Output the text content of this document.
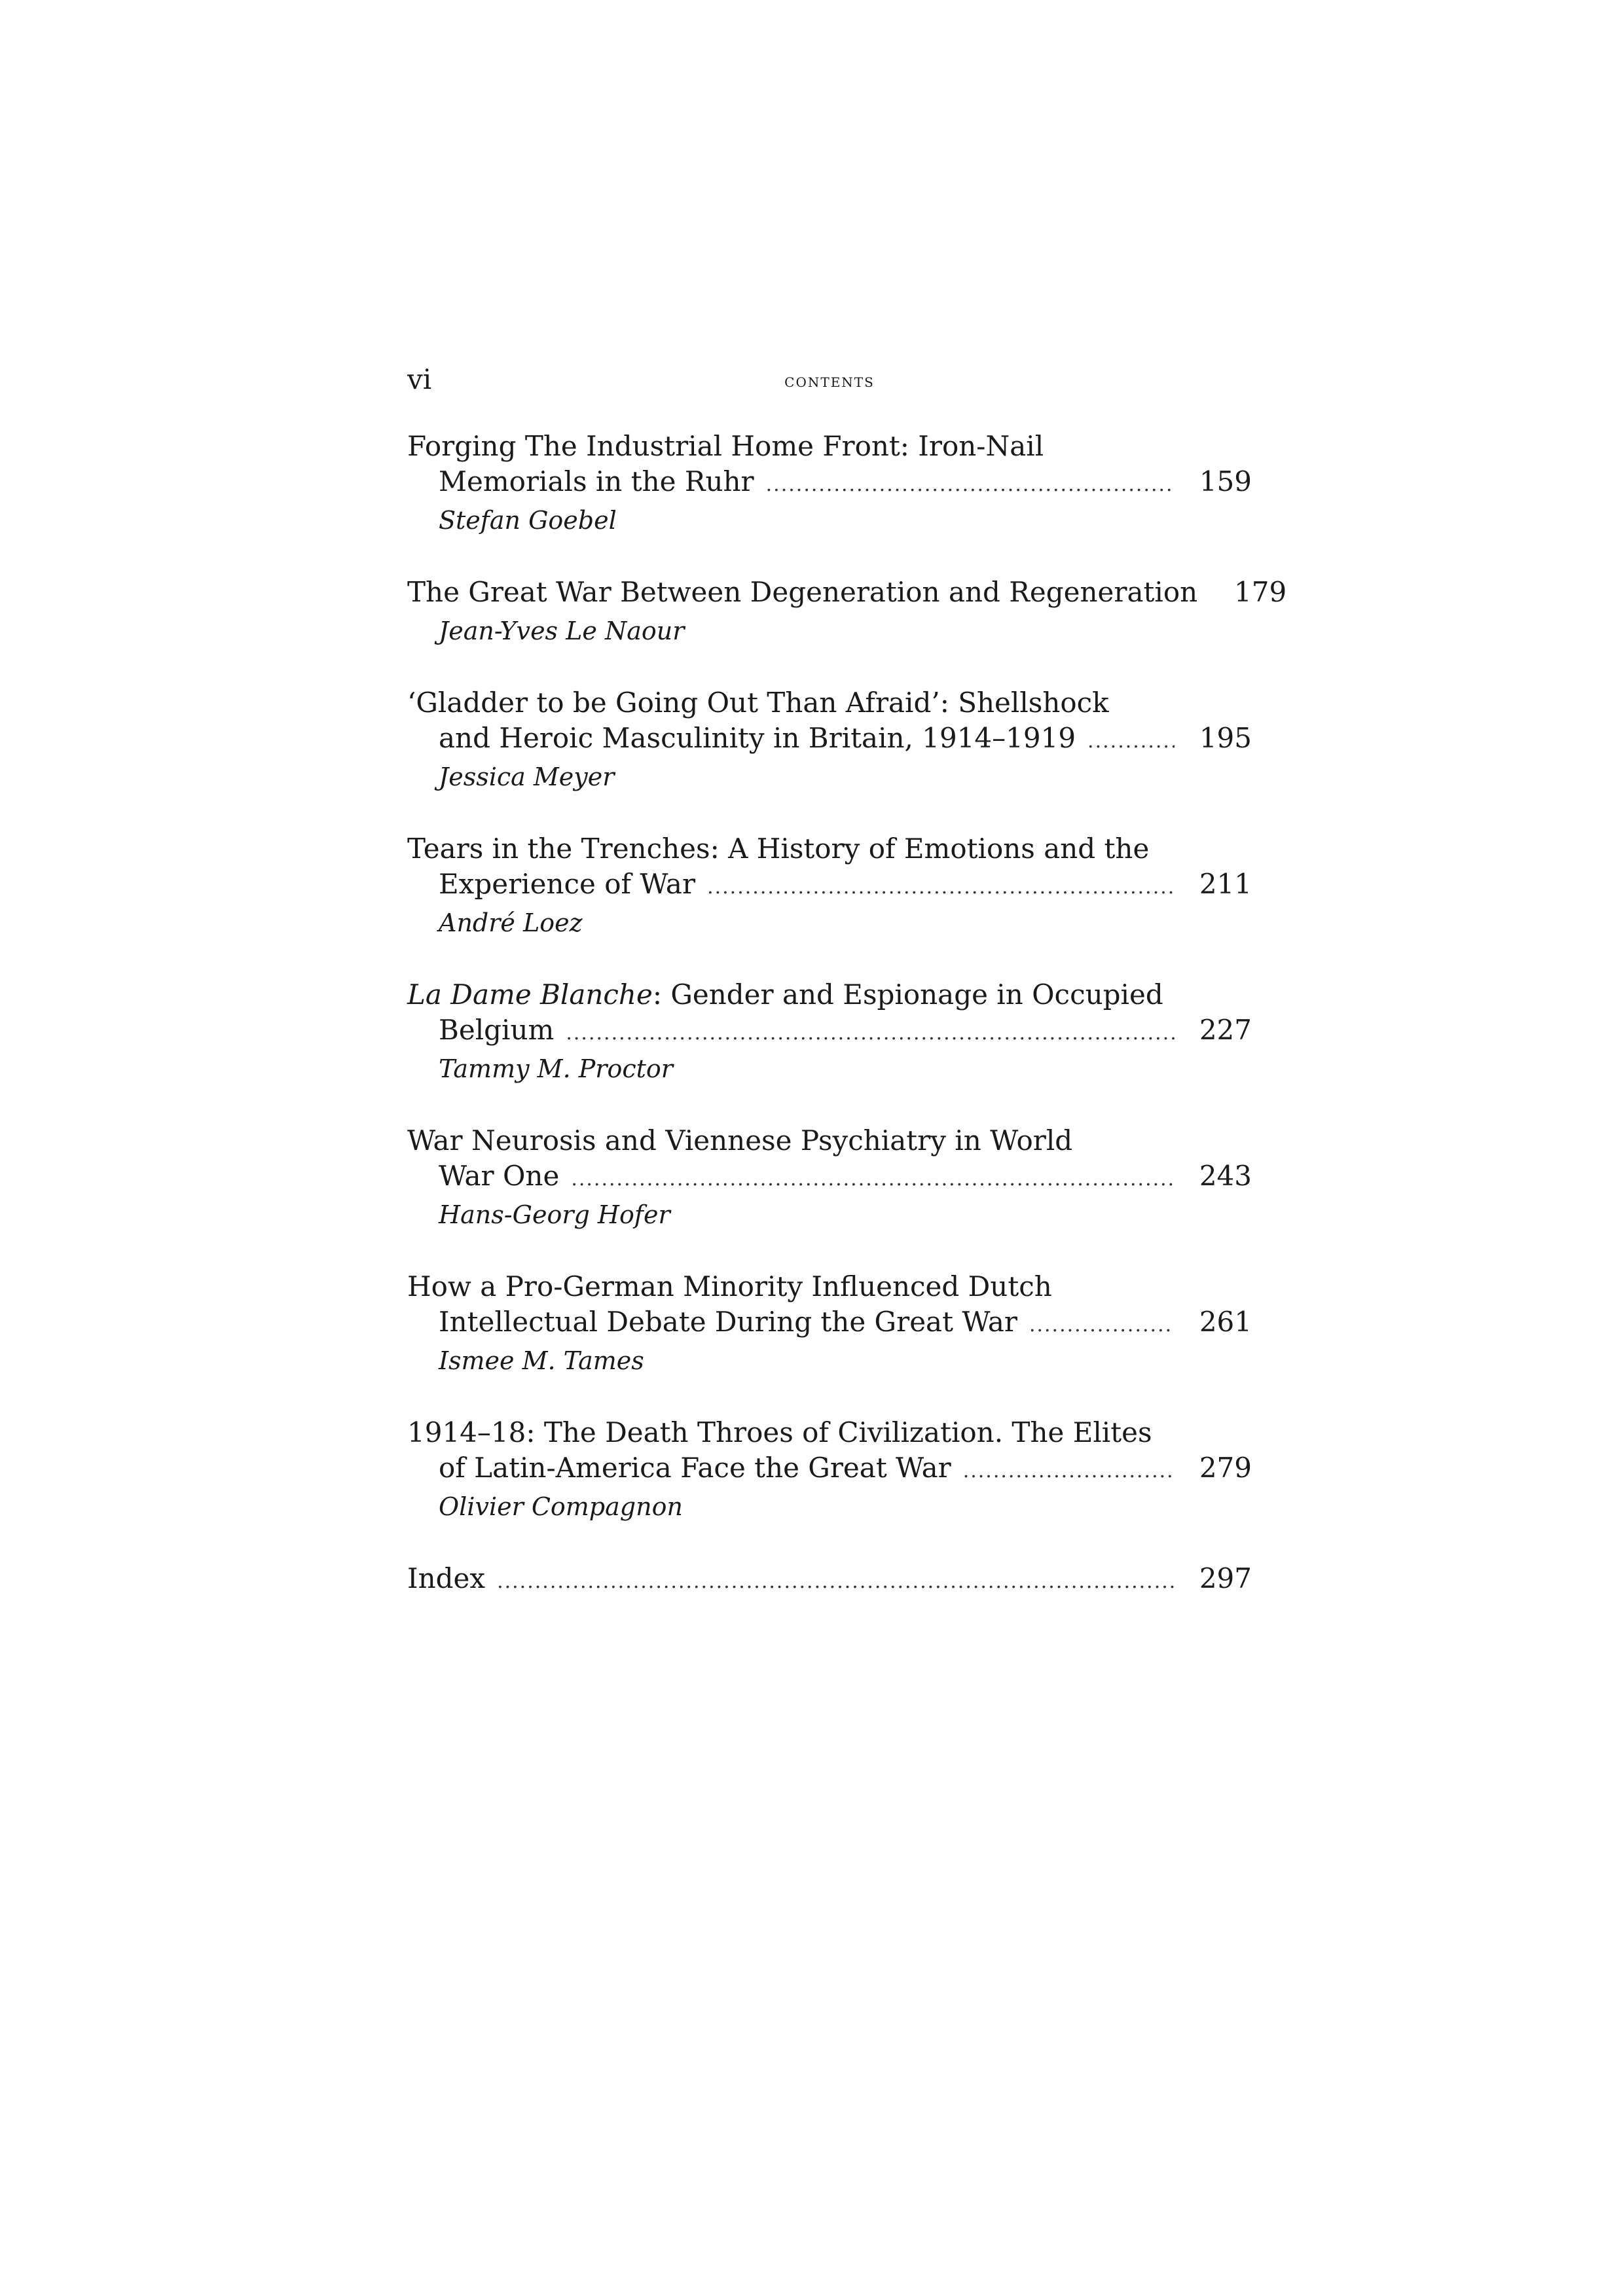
vi	contents
Forging The Industrial Home Front: Iron-Nail
Memorials in the Ruhr .....	159
Stefan Goebel
The Great War Between Degeneration and Regeneration	179
Jean-Yves Le Naour
‘Gladder to be Going Out Than Afraid’: Shellshock
and Heroic Masculinity in Britain, 1914–1919 .....	195
Jessica Meyer
Tears in the Trenches: A History of Emotions and the
Experience of War .....	211
André Loez
La Dame Blanche: Gender and Espionage in Occupied
Belgium .....	227
Tammy M. Proctor
War Neurosis and Viennese Psychiatry in World
War One .....	243
Hans-Georg Hofer
How a Pro-German Minority Influenced Dutch
Intellectual Debate During the Great War .....	261
Ismee M. Tames
1914–18: The Death Throes of Civilization. The Elites
of Latin-America Face the Great War .....	279
Olivier Compagnon
Index .....	297
